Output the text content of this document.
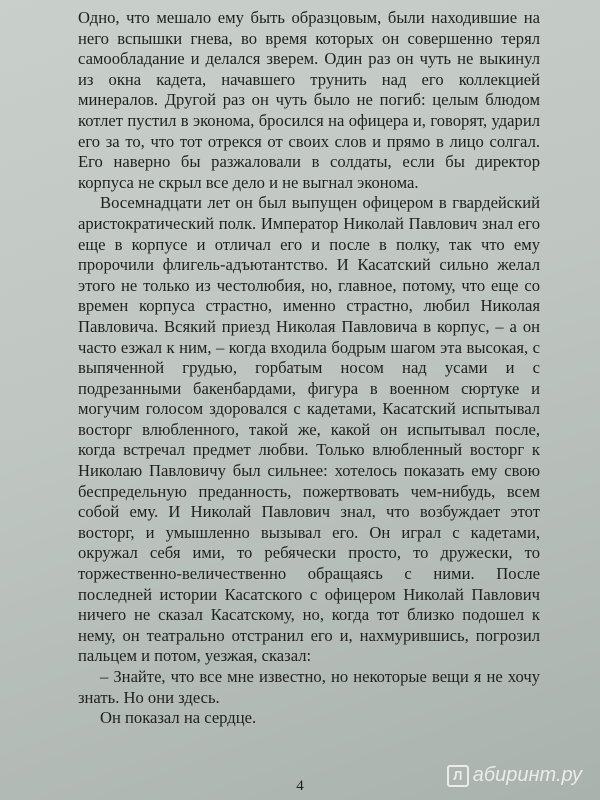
Одно, что мешало ему быть образцовым, были находившие на него вспышки гнева, во время которых он совершенно терял самообладание и делался зверем. Один раз он чуть не выкинул из окна кадета, начавшего трунить над его коллекцией минералов. Другой раз он чуть было не погиб: целым блюдом котлет пустил в эконома, бросился на офицера и, говорят, ударил его за то, что тот отрекся от своих слов и прямо в лицо солгал. Его наверно бы разжаловали в солдаты, если бы директор корпуса не скрыл все дело и не выгнал эконома.

Восемнадцати лет он был выпущен офицером в гвардейский аристократический полк. Император Николай Павлович знал его еще в корпусе и отличал его и после в полку, так что ему пророчили флигель-адъютантство. И Касатский сильно желал этого не только из честолюбия, но, главное, потому, что еще со времен корпуса страстно, именно страстно, любил Николая Павловича. Всякий приезд Николая Павловича в корпус, – а он часто езжал к ним, – когда входила бодрым шагом эта высокая, с выпяченной грудью, горбатым носом над усами и с подрезанными бакенбардами, фигура в военном сюртуке и могучим голосом здоровался с кадетами, Касатский испытывал восторг влюбленного, такой же, какой он испытывал после, когда встречал предмет любви. Только влюбленный восторг к Николаю Павловичу был сильнее: хотелось показать ему свою беспредельную преданность, пожертвовать чем-нибудь, всем собой ему. И Николай Павлович знал, что возбуждает этот восторг, и умышленно вызывал его. Он играл с кадетами, окружал себя ими, то ребячески просто, то дружески, то торжественно-величественно обращаясь с ними. После последней истории Касатского с офицером Николай Павлович ничего не сказал Касатскому, но, когда тот близко подошел к нему, он театрально отстранил его и, нахмурившись, погрозил пальцем и потом, уезжая, сказал:

– Знайте, что все мне известно, но некоторые вещи я не хочу знать. Но они здесь.

Он показал на сердце.

4
Л абиринт.ру
